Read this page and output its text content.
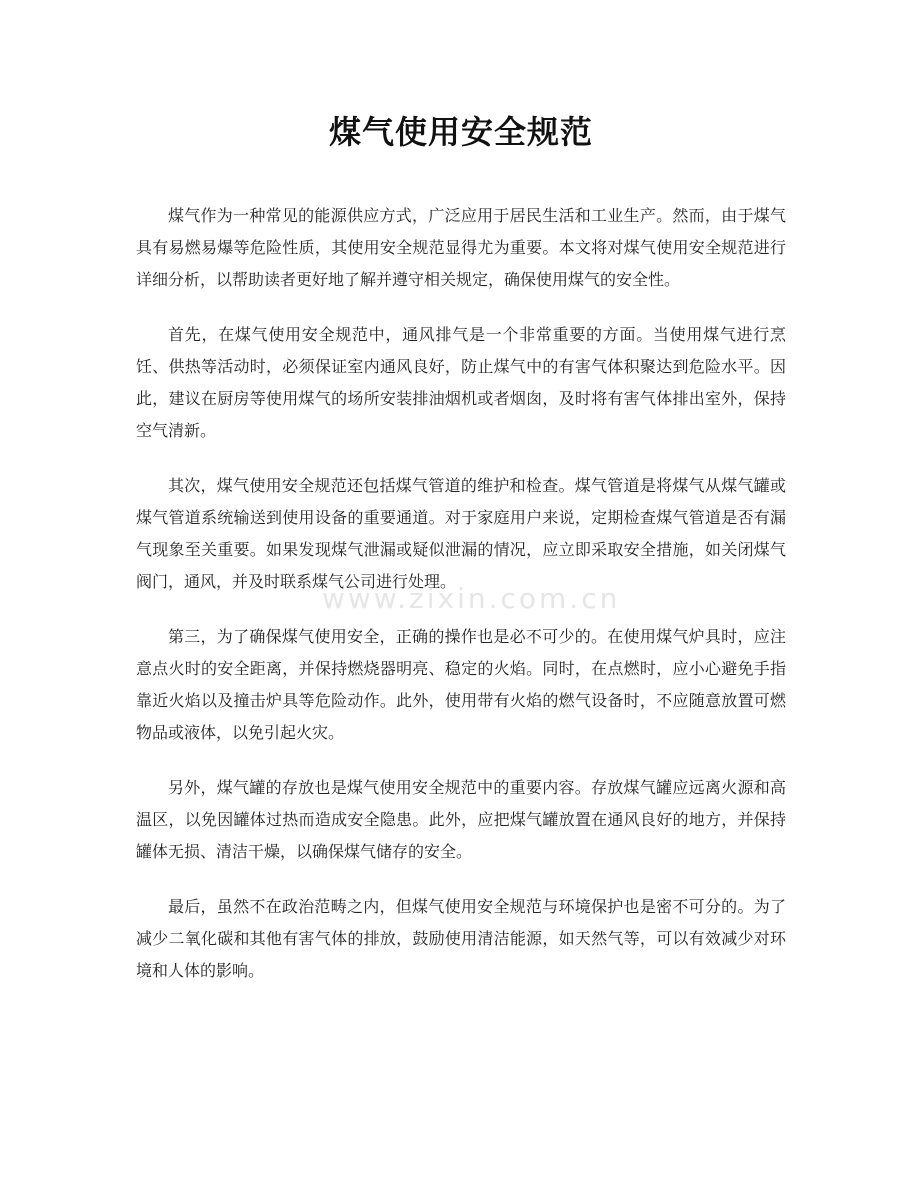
煤气使用安全规范

煤气作为一种常见的能源供应方式，广泛应用于居民生活和工业生产。然而，由于煤气具有易燃易爆等危险性质，其使用安全规范显得尤为重要。本文将对煤气使用安全规范进行详细分析，以帮助读者更好地了解并遵守相关规定，确保使用煤气的安全性。

首先，在煤气使用安全规范中，通风排气是一个非常重要的方面。当使用煤气进行烹饪、供热等活动时，必须保证室内通风良好，防止煤气中的有害气体积聚达到危险水平。因此，建议在厨房等使用煤气的场所安装排油烟机或者烟囱，及时将有害气体排出室外，保持空气清新。

其次，煤气使用安全规范还包括煤气管道的维护和检查。煤气管道是将煤气从煤气罐或煤气管道系统输送到使用设备的重要通道。对于家庭用户来说，定期检查煤气管道是否有漏气现象至关重要。如果发现煤气泄漏或疑似泄漏的情况，应立即采取安全措施，如关闭煤气阀门，通风，并及时联系煤气公司进行处理。

第三，为了确保煤气使用安全，正确的操作也是必不可少的。在使用煤气炉具时，应注意点火时的安全距离，并保持燃烧器明亮、稳定的火焰。同时，在点燃时，应小心避免手指靠近火焰以及撞击炉具等危险动作。此外，使用带有火焰的燃气设备时，不应随意放置可燃物品或液体，以免引起火灾。

另外，煤气罐的存放也是煤气使用安全规范中的重要内容。存放煤气罐应远离火源和高温区，以免因罐体过热而造成安全隐患。此外，应把煤气罐放置在通风良好的地方，并保持罐体无损、清洁干燥，以确保煤气储存的安全。

最后，虽然不在政治范畴之内，但煤气使用安全规范与环境保护也是密不可分的。为了减少二氧化碳和其他有害气体的排放，鼓励使用清洁能源，如天然气等，可以有效减少对环境和人体的影响。

www.zixin.com.cn
